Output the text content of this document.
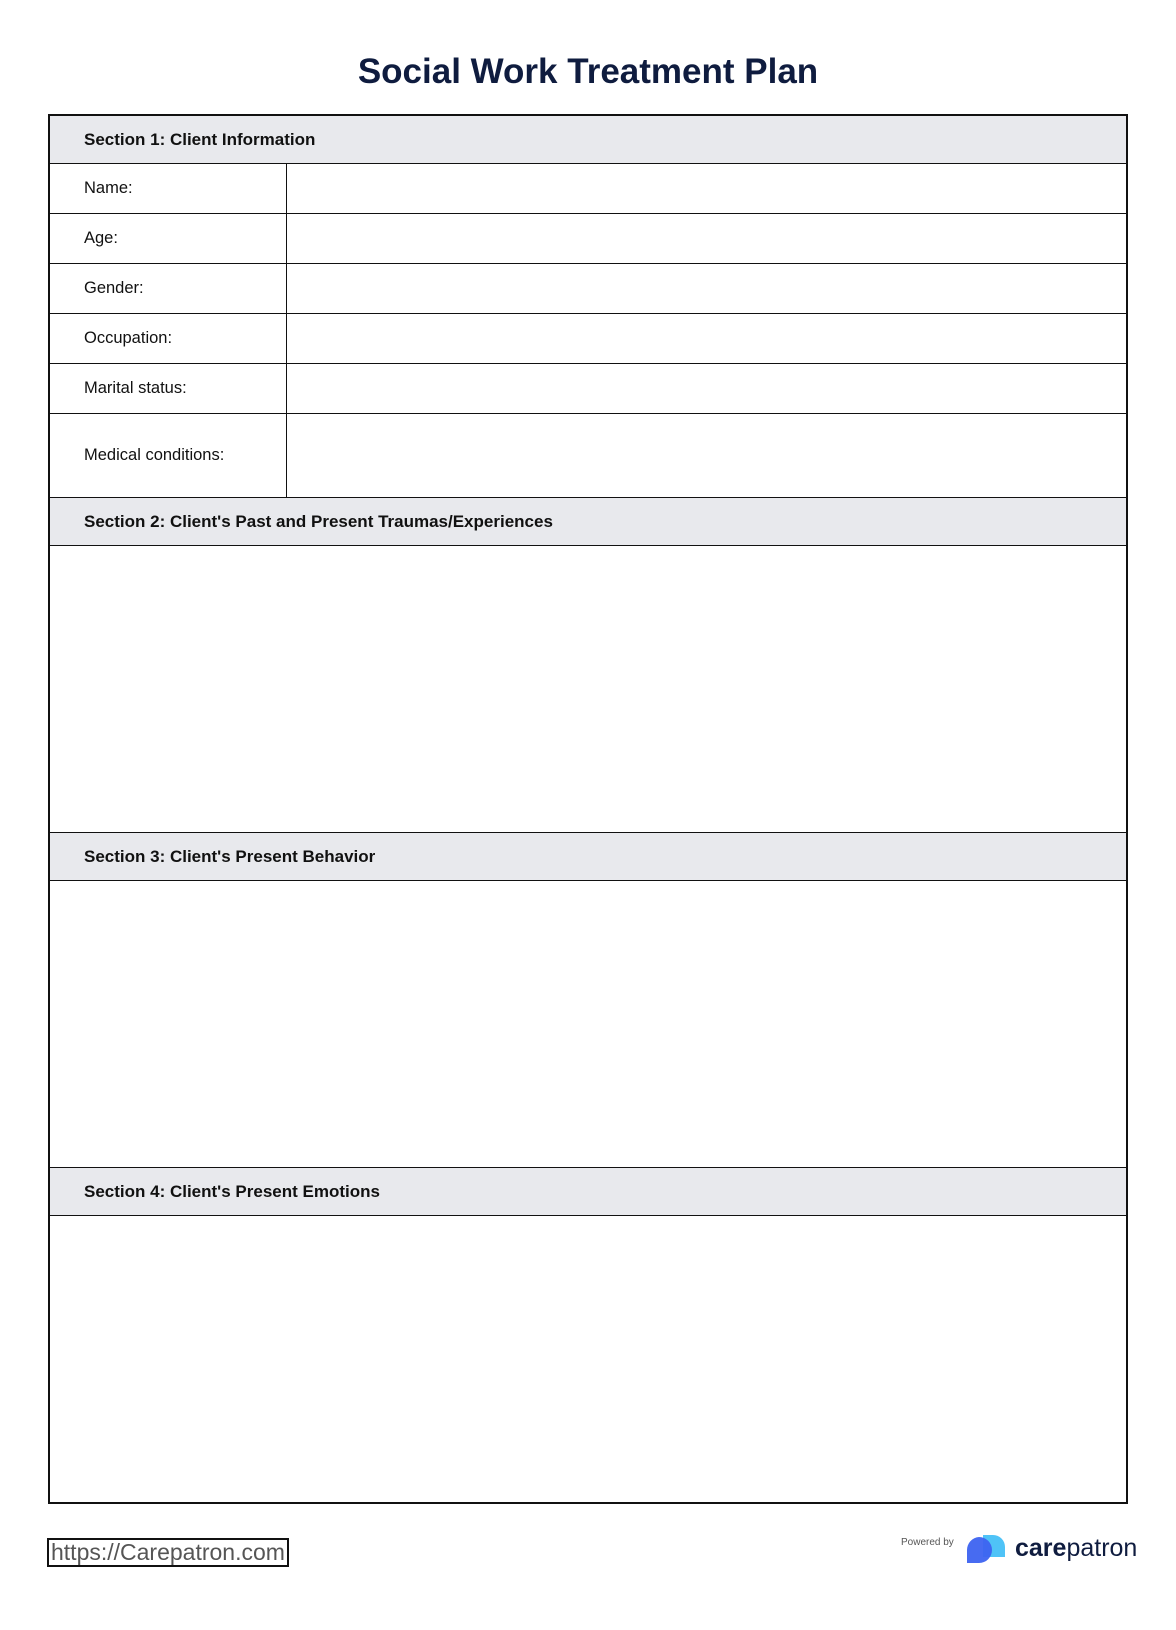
Social Work Treatment Plan
Section 1: Client Information
Name:
Age:
Gender:
Occupation:
Marital status:
Medical conditions:
Section 2: Client's Past and Present Traumas/Experiences
Section 3: Client's Present Behavior
Section 4: Client's Present Emotions
https://Carepatron.com	Powered by carepatron
